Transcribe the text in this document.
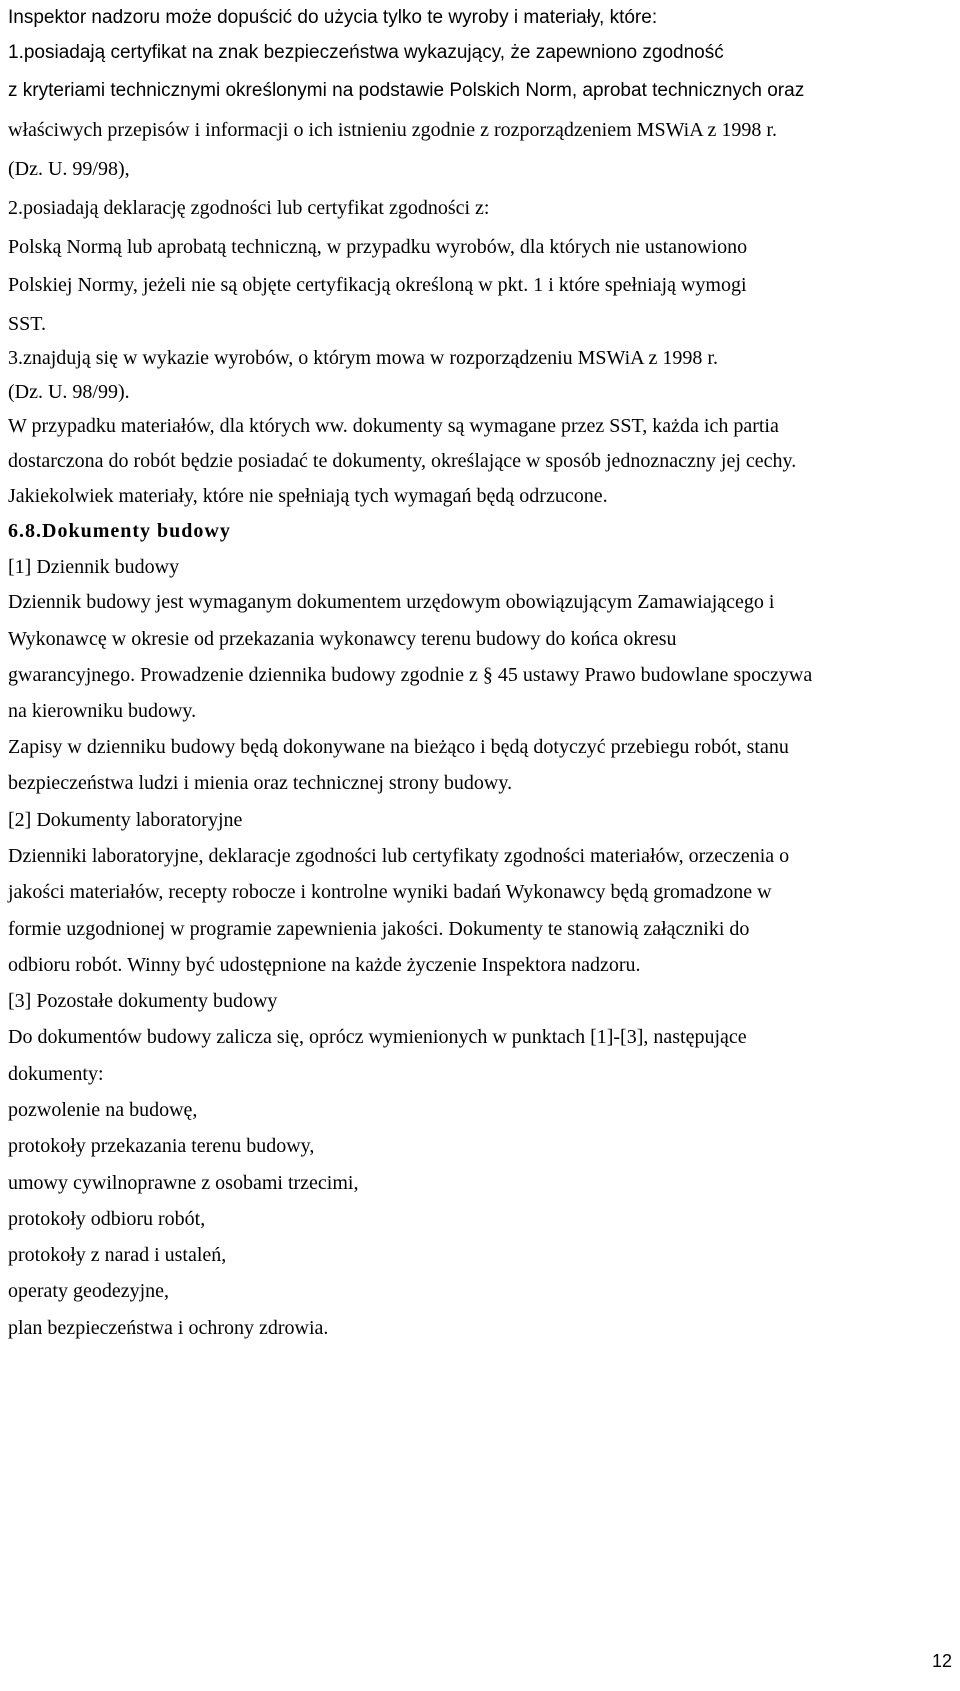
Inspektor nadzoru może dopuścić do użycia tylko te wyroby i materiały, które:
1.posiadają certyfikat na znak bezpieczeństwa wykazujący, że zapewniono zgodność
z kryteriami technicznymi określonymi na podstawie Polskich Norm, aprobat technicznych oraz
właściwych przepisów i informacji o ich istnieniu zgodnie z rozporządzeniem MSWiA z 1998 r.
(Dz. U. 99/98),
2.posiadają deklarację zgodności lub certyfikat zgodności z:
Polską Normą lub aprobatą techniczną, w przypadku wyrobów, dla których nie ustanowiono
Polskiej Normy, jeżeli nie są objęte certyfikacją określoną w pkt. 1 i które spełniają wymogi
SST.
3.znajdują się w wykazie wyrobów, o którym mowa w rozporządzeniu MSWiA z 1998 r.
(Dz. U. 98/99).
W przypadku materiałów, dla których ww. dokumenty są wymagane przez SST, każda ich partia
dostarczona do robót będzie posiadać te dokumenty, określające w sposób jednoznaczny jej cechy.
Jakiekolwiek materiały, które nie spełniają tych wymagań będą odrzucone.
6.8.Dokumenty budowy
[1] Dziennik budowy
Dziennik budowy jest wymaganym dokumentem urzędowym obowiązującym Zamawiającego i
Wykonawcę w okresie od przekazania wykonawcy terenu budowy do końca okresu
gwarancyjnego. Prowadzenie dziennika budowy zgodnie z § 45 ustawy Prawo budowlane spoczywa
na kierowniku budowy.
Zapisy w dzienniku budowy będą dokonywane na bieżąco i będą dotyczyć przebiegu robót, stanu
bezpieczeństwa ludzi i mienia oraz technicznej strony budowy.
[2] Dokumenty laboratoryjne
Dzienniki laboratoryjne, deklaracje zgodności lub certyfikaty zgodności materiałów, orzeczenia o
jakości materiałów, recepty robocze i kontrolne wyniki badań Wykonawcy będą gromadzone w
formie uzgodnionej w programie zapewnienia jakości. Dokumenty te stanowią załączniki do
odbioru robót. Winny być udostępnione na każde życzenie Inspektora nadzoru.
[3] Pozostałe dokumenty budowy
Do dokumentów budowy zalicza się, oprócz wymienionych w punktach [1]-[3], następujące
dokumenty:
pozwolenie na budowę,
protokoły przekazania terenu budowy,
umowy cywilnoprawne z osobami trzecimi,
protokoły odbioru robót,
protokoły z narad i ustaleń,
operaty geodezyjne,
plan bezpieczeństwa i ochrony zdrowia.
12
